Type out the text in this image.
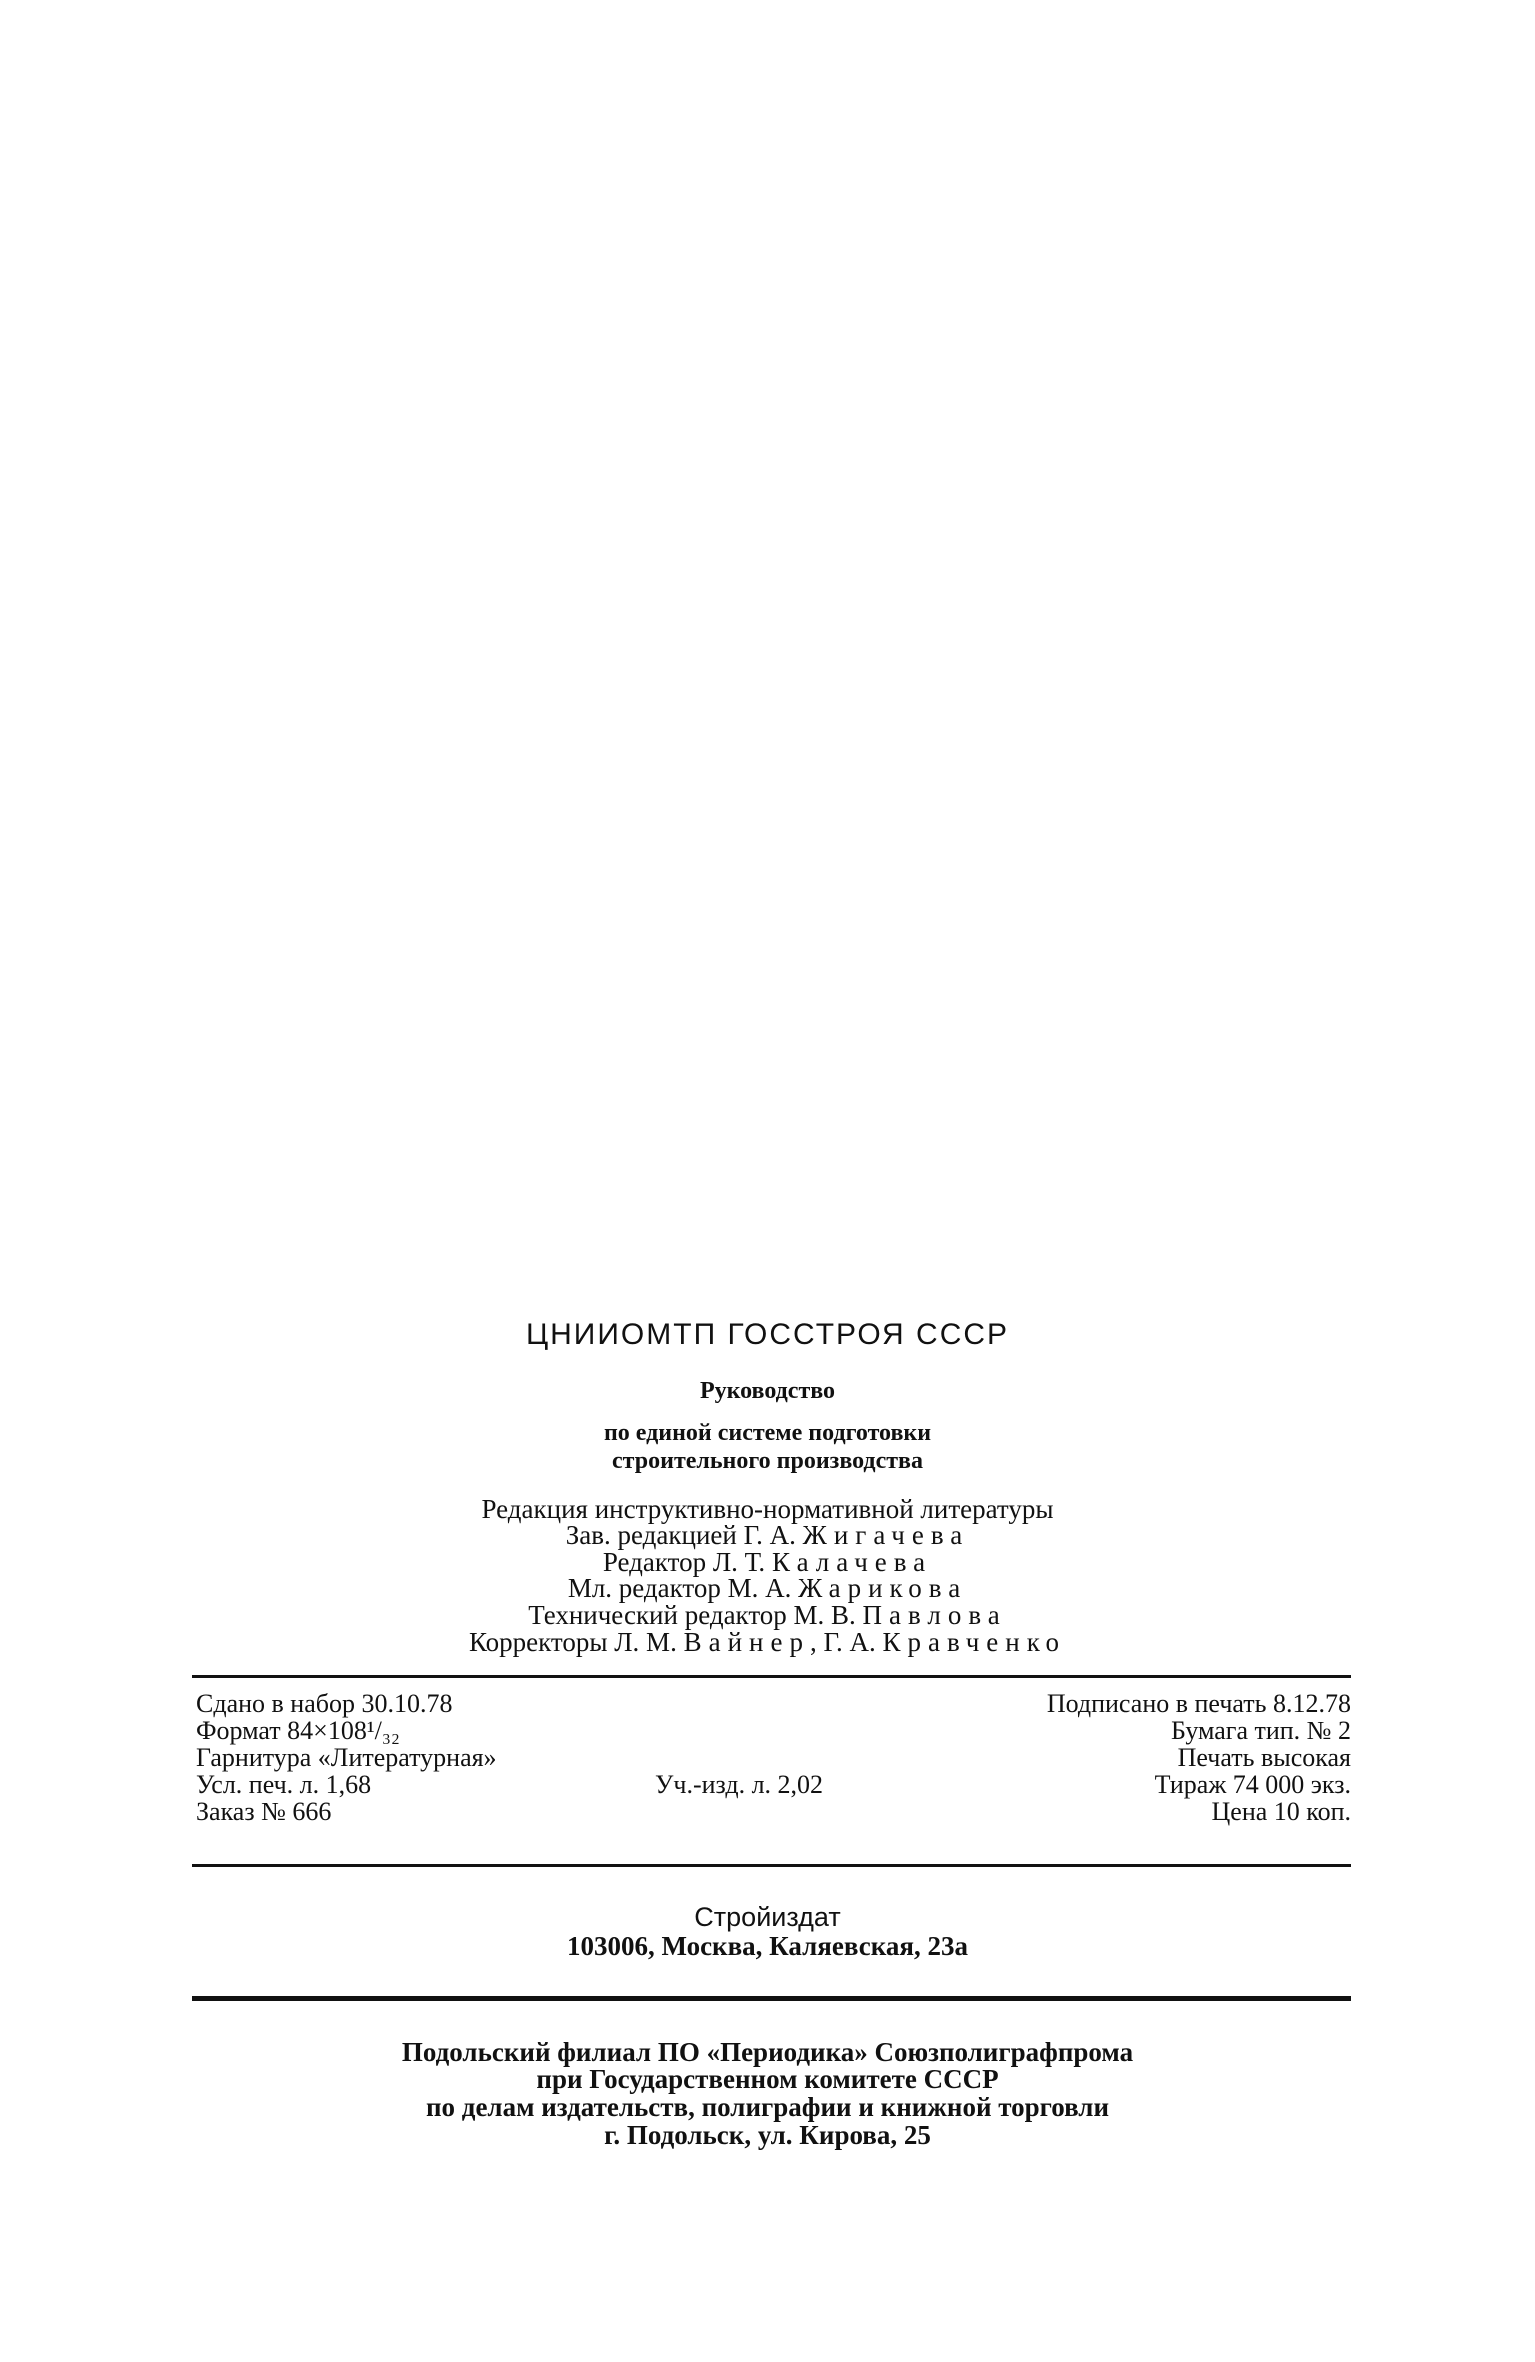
ЦНИИОМТП ГОССТРОЯ СССР
Руководство
по единой системе подготовки
строительного производства
Редакция инструктивно-нормативной литературы
Зав. редакцией Г. А. Жигачева
Редактор Л. Т. Калачева
Мл. редактор М. А. Жарикова
Технический редактор М. В. Павлова
Корректоры Л. М. Вайнер, Г. А. Кравченко
Сдано в набор 30.10.78
Формат 84×108¹/₃₂
Гарнитура «Литературная»
Усл. печ. л. 1,68
Заказ № 666
Уч.-изд. л. 2,02
Подписано в печать 8.12.78
Бумага тип. № 2
Печать высокая
Тираж 74 000 экз.
Цена 10 коп.
Стройиздат
103006, Москва, Каляевская, 23а
Подольский филиал ПО «Периодика» Союзполиграфпрома
при Государственном комитете СССР
по делам издательств, полиграфии и книжной торговли
г. Подольск, ул. Кирова, 25
